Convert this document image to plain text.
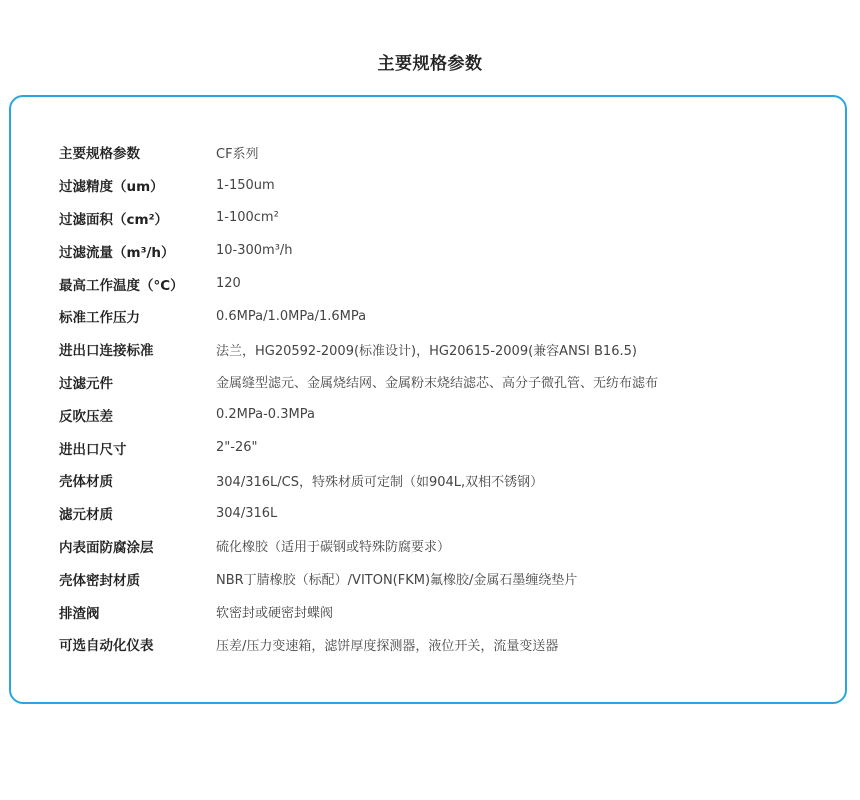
主要规格参数
主要规格参数	CF系列
过滤精度（um）	1-150um
过滤面积（cm²）	1-100cm²
过滤流量（m³/h）	10-300m³/h
最高工作温度（°C）	120
标准工作压力	0.6MPa/1.0MPa/1.6MPa
进出口连接标准	法兰，HG20592-2009(标准设计)，HG20615-2009(兼容ANSI B16.5)
过滤元件	金属缝型滤元、金属烧结网、金属粉末烧结滤芯、高分子微孔管、无纺布滤布
反吹压差	0.2MPa-0.3MPa
进出口尺寸	2"-26"
壳体材质	304/316L/CS，特殊材质可定制（如904L,双相不锈钢）
滤元材质	304/316L
内表面防腐涂层	硫化橡胶（适用于碳钢或特殊防腐要求）
壳体密封材质	NBR丁腈橡胶（标配）/VITON(FKM)氟橡胶/金属石墨缠绕垫片
排渣阀	软密封或硬密封蝶阀
可选自动化仪表	压差/压力变速箱，滤饼厚度探测器，液位开关，流量变送器
